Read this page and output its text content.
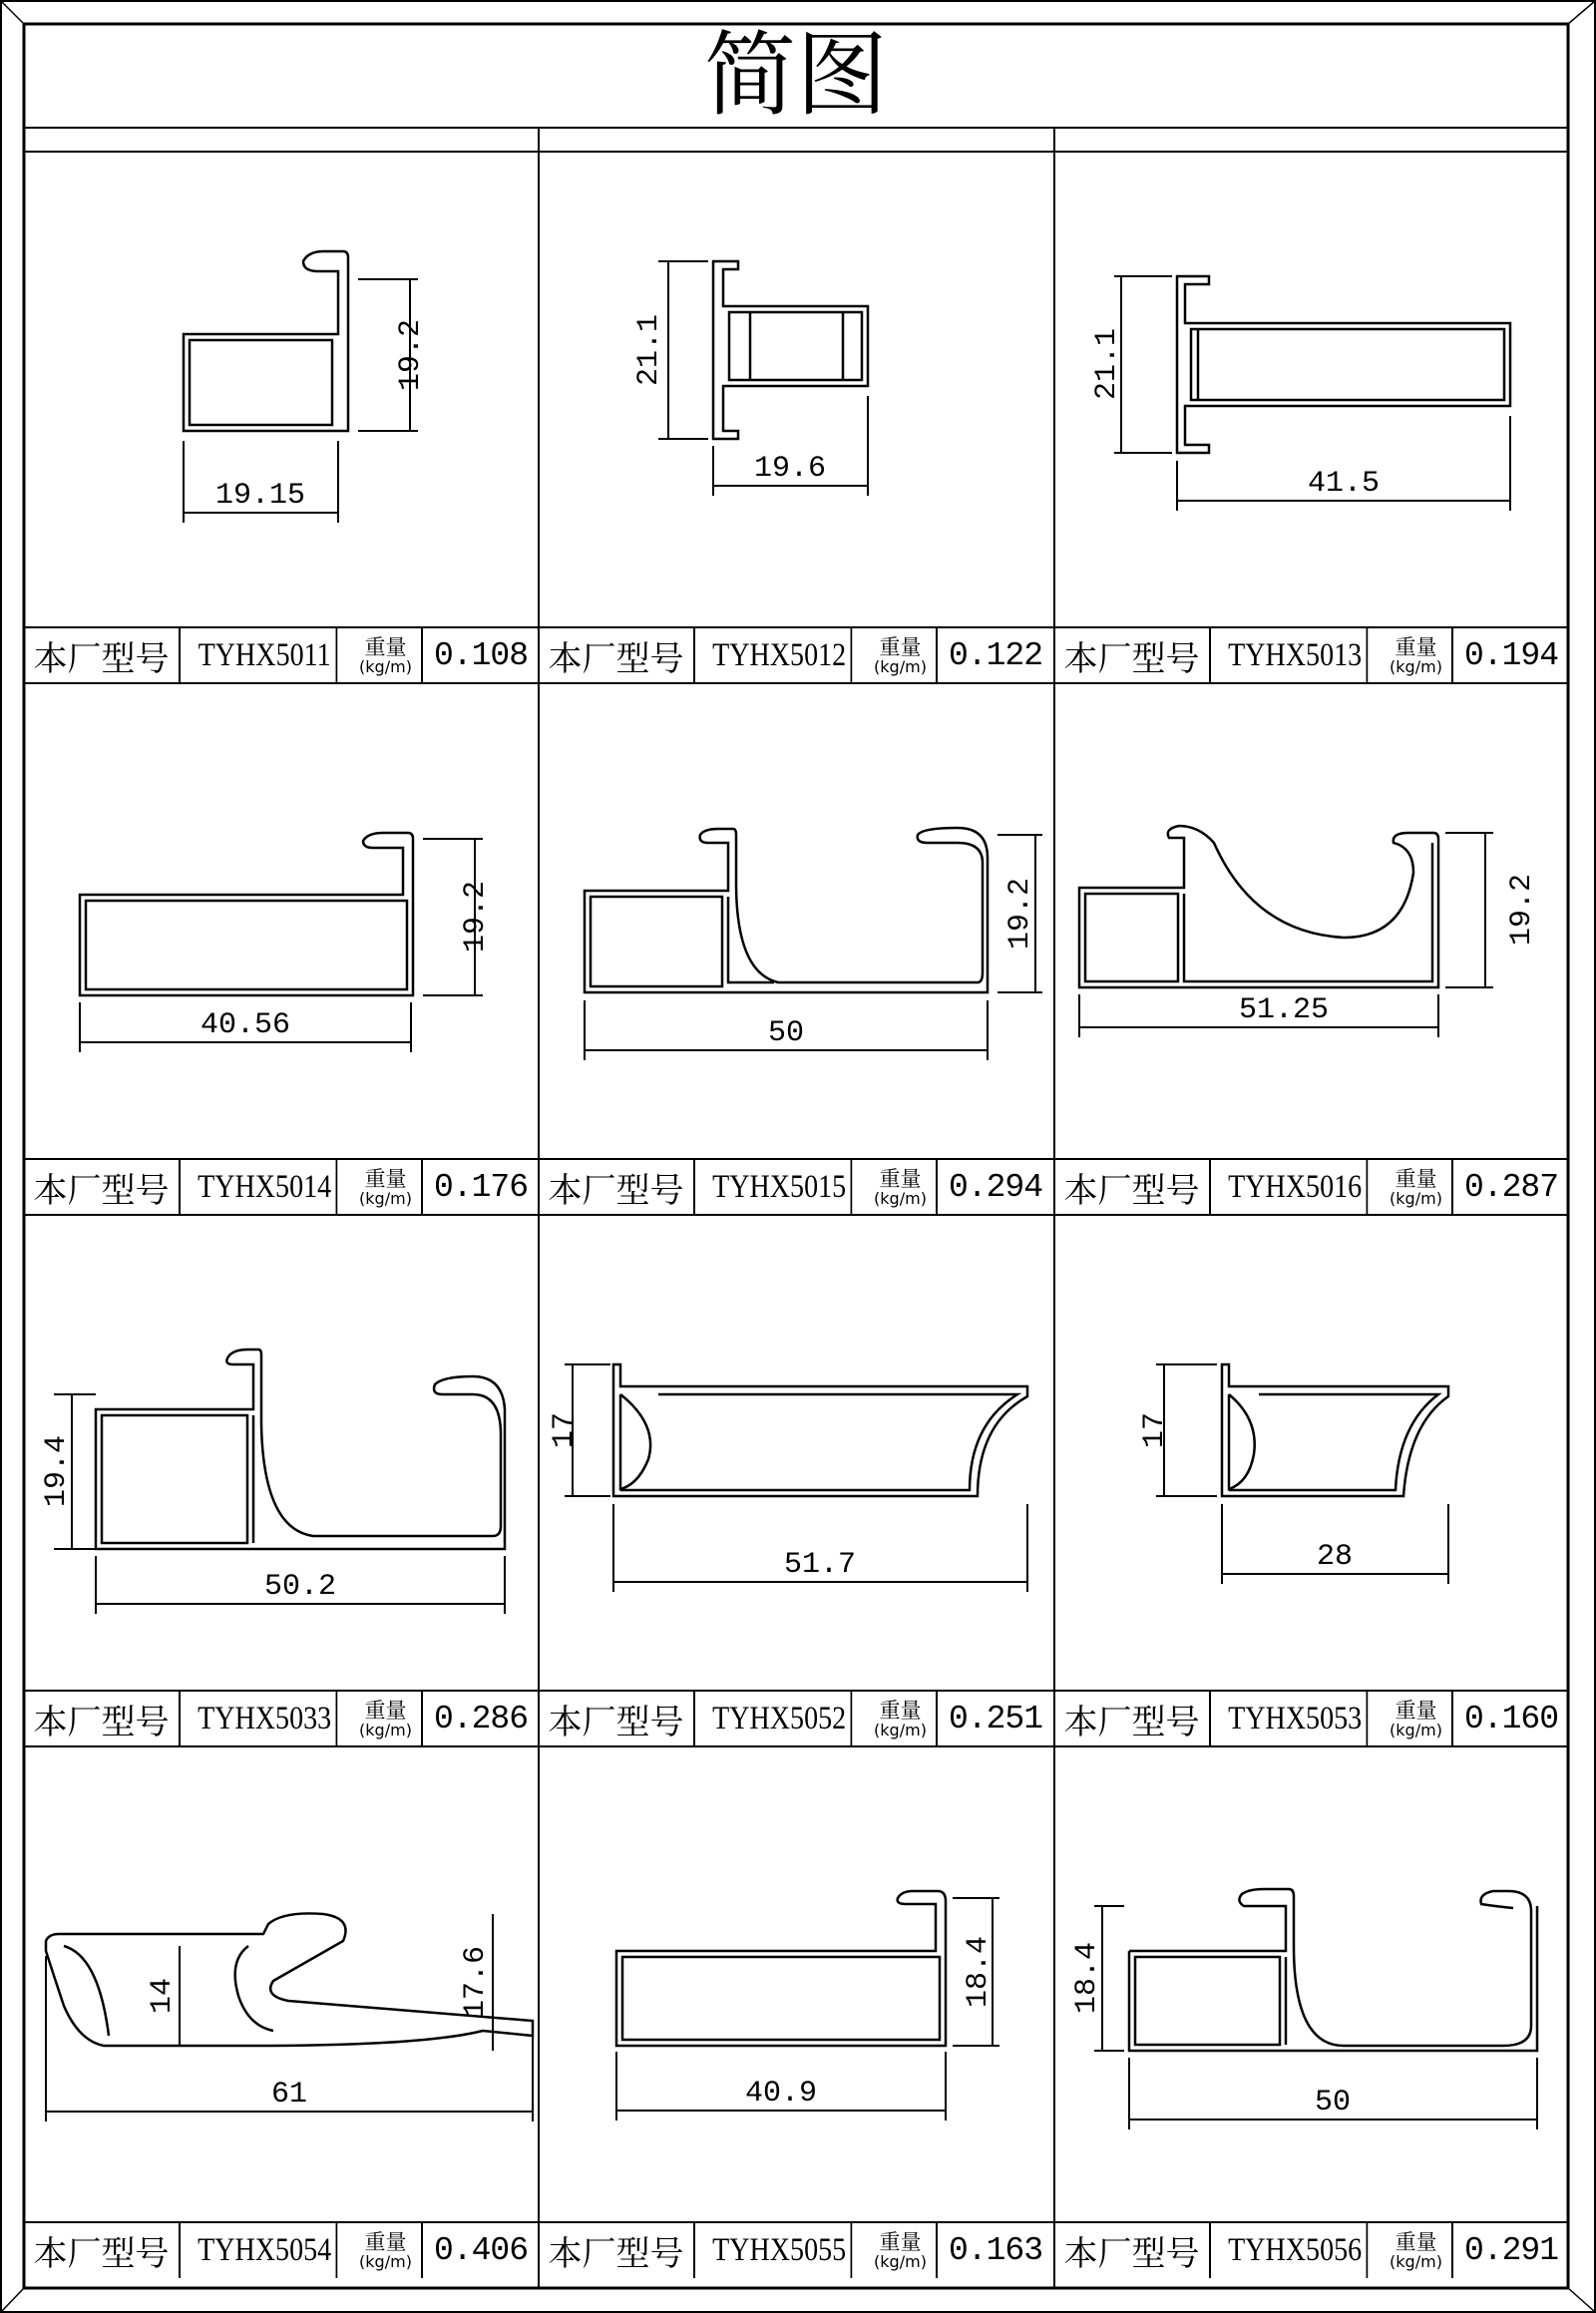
简图
19.2
19.15
本厂型号 TYHX5011	重量
(kg/m) 0.108
21.1
19.6
本厂型号 TYHX5012 重量
(kg/m) 0.122
21.1
41.5
本厂型号 TYHX5013 重量
(kg/m) 0.194
19.2
40.56
本厂型号 TYHX5014 重量
(kg/m) 0.176
19.2
50
本厂型号 TYHX5015 重量
(kg/m) 0.294
19.2
51.25
本厂型号 TYHX5016 重量
(kg/m) 0.287
19.4
50.2
本厂型号 TYHX5033 重量
(kg/m) 0.286
17
51.7
本厂型号 TYHX5052 重量
(kg/m) 0.251
17
28
本厂型号 TYHX5053 重量
(kg/m) 0.160
14	17.6
61
本厂型号 TYHX5054 重量
(kg/m) 0.406
18.4
40.9
本厂型号 TYHX5055 重量
(kg/m) 0.163
18.4
50
本厂型号 TYHX5056 重量
(kg/m) 0.291
